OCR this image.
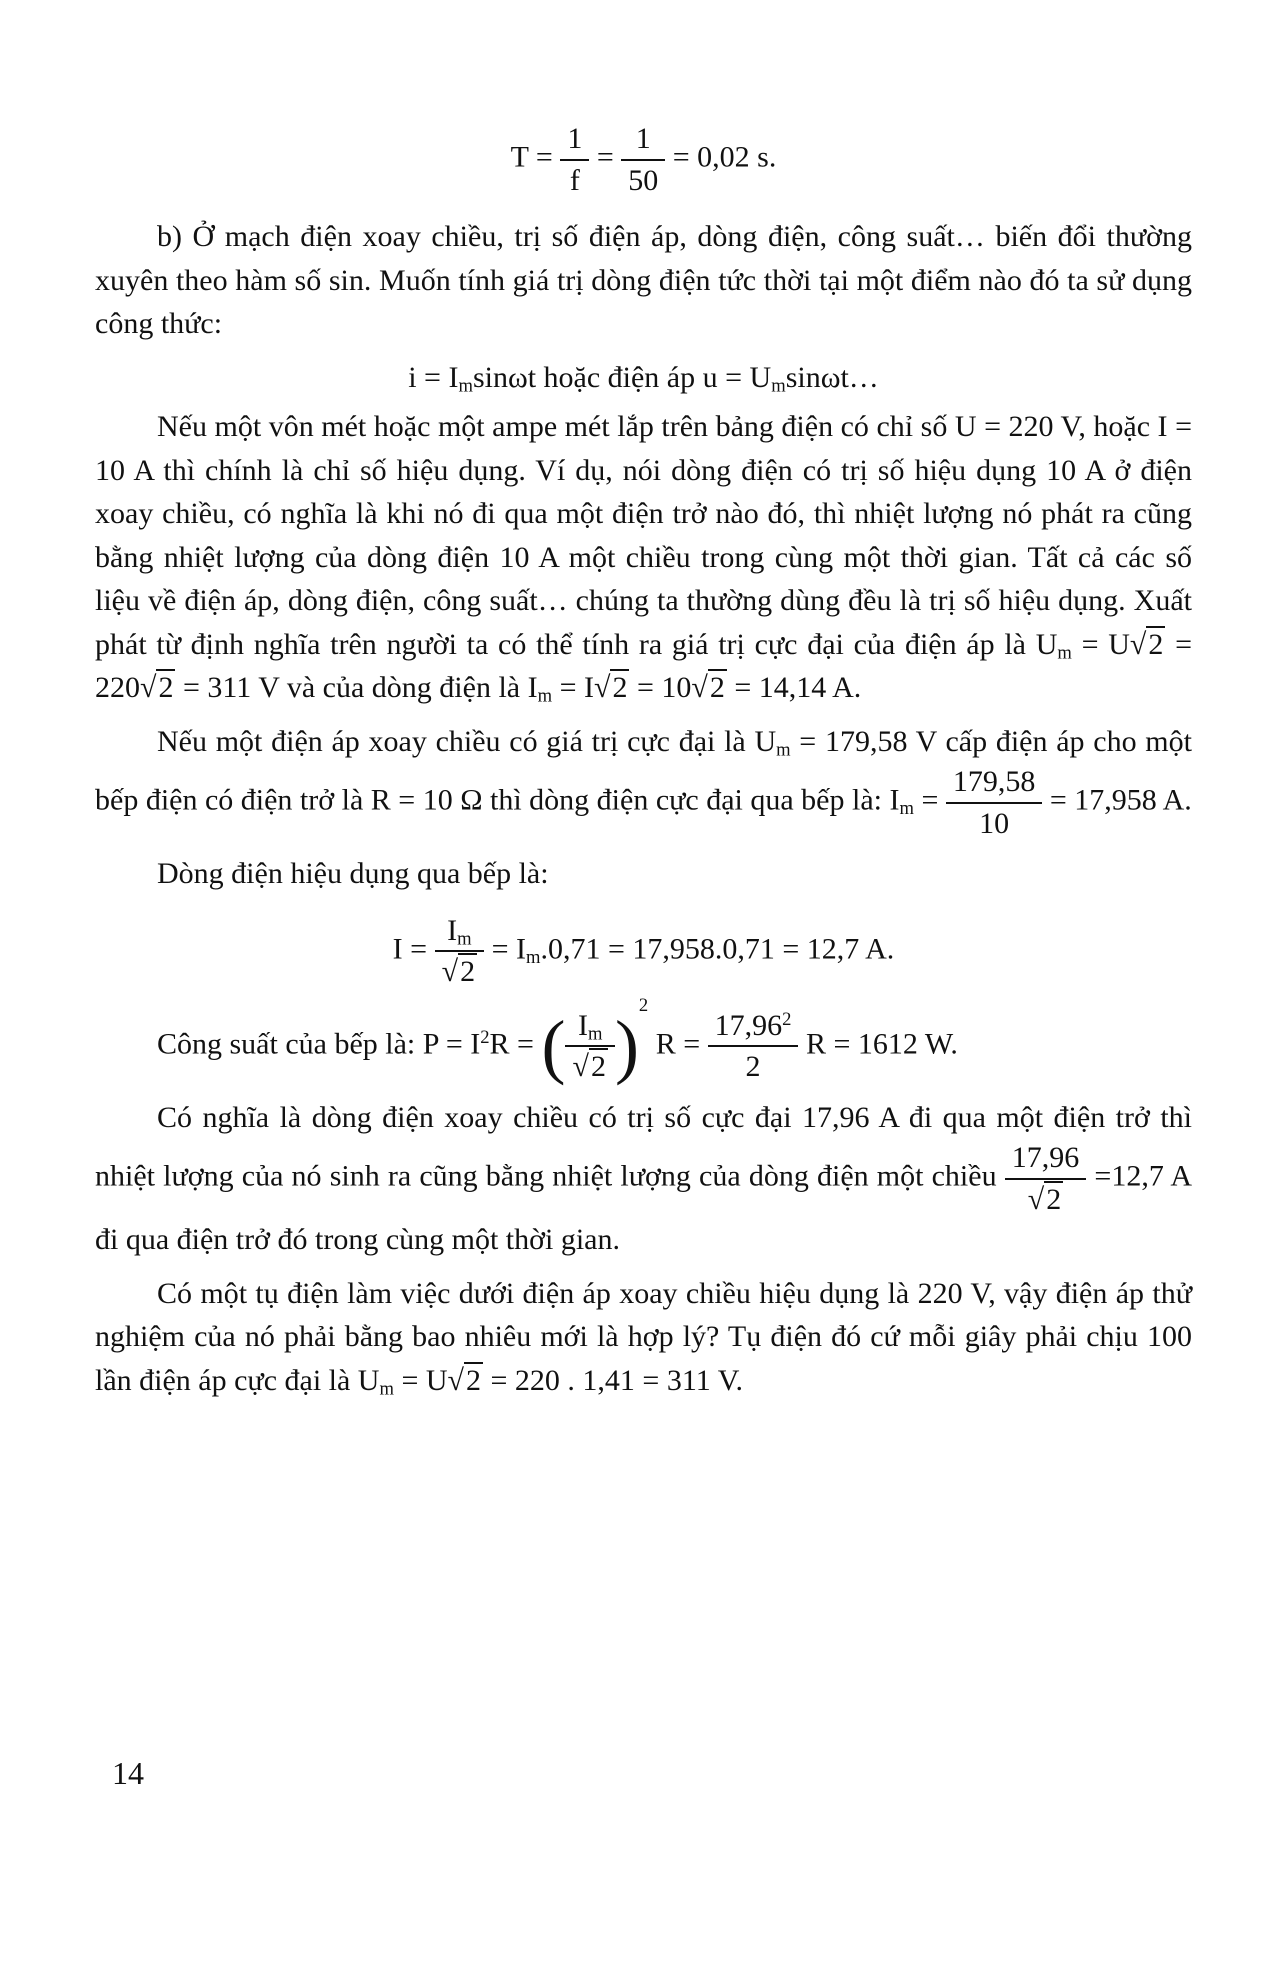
$T = \frac{1}{f} = \frac{1}{50} = 0,02$ s.

b) Ở mạch điện xoay chiều, trị số điện áp, dòng điện, công suất… biến đổi thường xuyên theo hàm số sin. Muốn tính giá trị dòng điện tức thời tại một điểm nào đó ta sử dụng công thức:

$i = I_m\sin\omega t$ hoặc điện áp $u = U_m\sin\omega t\dots$

Nếu một vôn mét hoặc một ampe mét lắp trên bảng điện có chỉ số U = 220 V, hoặc I = 10 A thì chính là chỉ số hiệu dụng. Ví dụ, nói dòng điện có trị số hiệu dụng 10 A ở điện xoay chiều, có nghĩa là khi nó đi qua một điện trở nào đó, thì nhiệt lượng nó phát ra cũng bằng nhiệt lượng của dòng điện 10 A một chiều trong cùng một thời gian. Tất cả các số liệu về điện áp, dòng điện, công suất… chúng ta thường dùng đều là trị số hiệu dụng. Xuất phát từ định nghĩa trên người ta có thể tính ra giá trị cực đại của điện áp là $U_m = U$ √ 2 = 220 √ 2 = 311 V và của dòng điện là $I_m = I$ √ 2 = 10 √ 2 = 14,14 A.

Nếu một điện áp xoay chiều có giá trị cực đại là $U_m = 179,58$ V cấp điện áp cho một bếp điện có điện trở là R = 10 Ω thì dòng điện cực đại qua bếp là: $I_m = \frac{179,58}{10} = 17,958$ A.

Dòng điện hiệu dụng qua bếp là:

$I = I_m$
√ $2 = I_m.0,71 = 17,958.0,71 = 12,7$ A.

Công suất của bếp là: $P = I^2R$ = ( $I_m$
√ 2
)$^2$ $R = \frac{17,96^2}{2}$ R = 1612 W.

Có nghĩa là dòng điện xoay chiều có trị số cực đại 17,96 A đi qua một điện trở thì nhiệt lượng của nó sinh ra cũng bằng nhiệt lượng của dòng điện một chiều 17,96
√ 2 =12,7 A đi qua điện trở đó trong cùng một thời gian.

Có một tụ điện làm việc dưới điện áp xoay chiều hiệu dụng là 220 V, vậy điện áp thử nghiệm của nó phải bằng bao nhiêu mới là hợp lý? Tụ điện đó cứ mỗi giây phải chịu 100 lần điện áp cực đại là $U_m = U$ √ 2 = 220 . 1,41 = 311 V.

14
